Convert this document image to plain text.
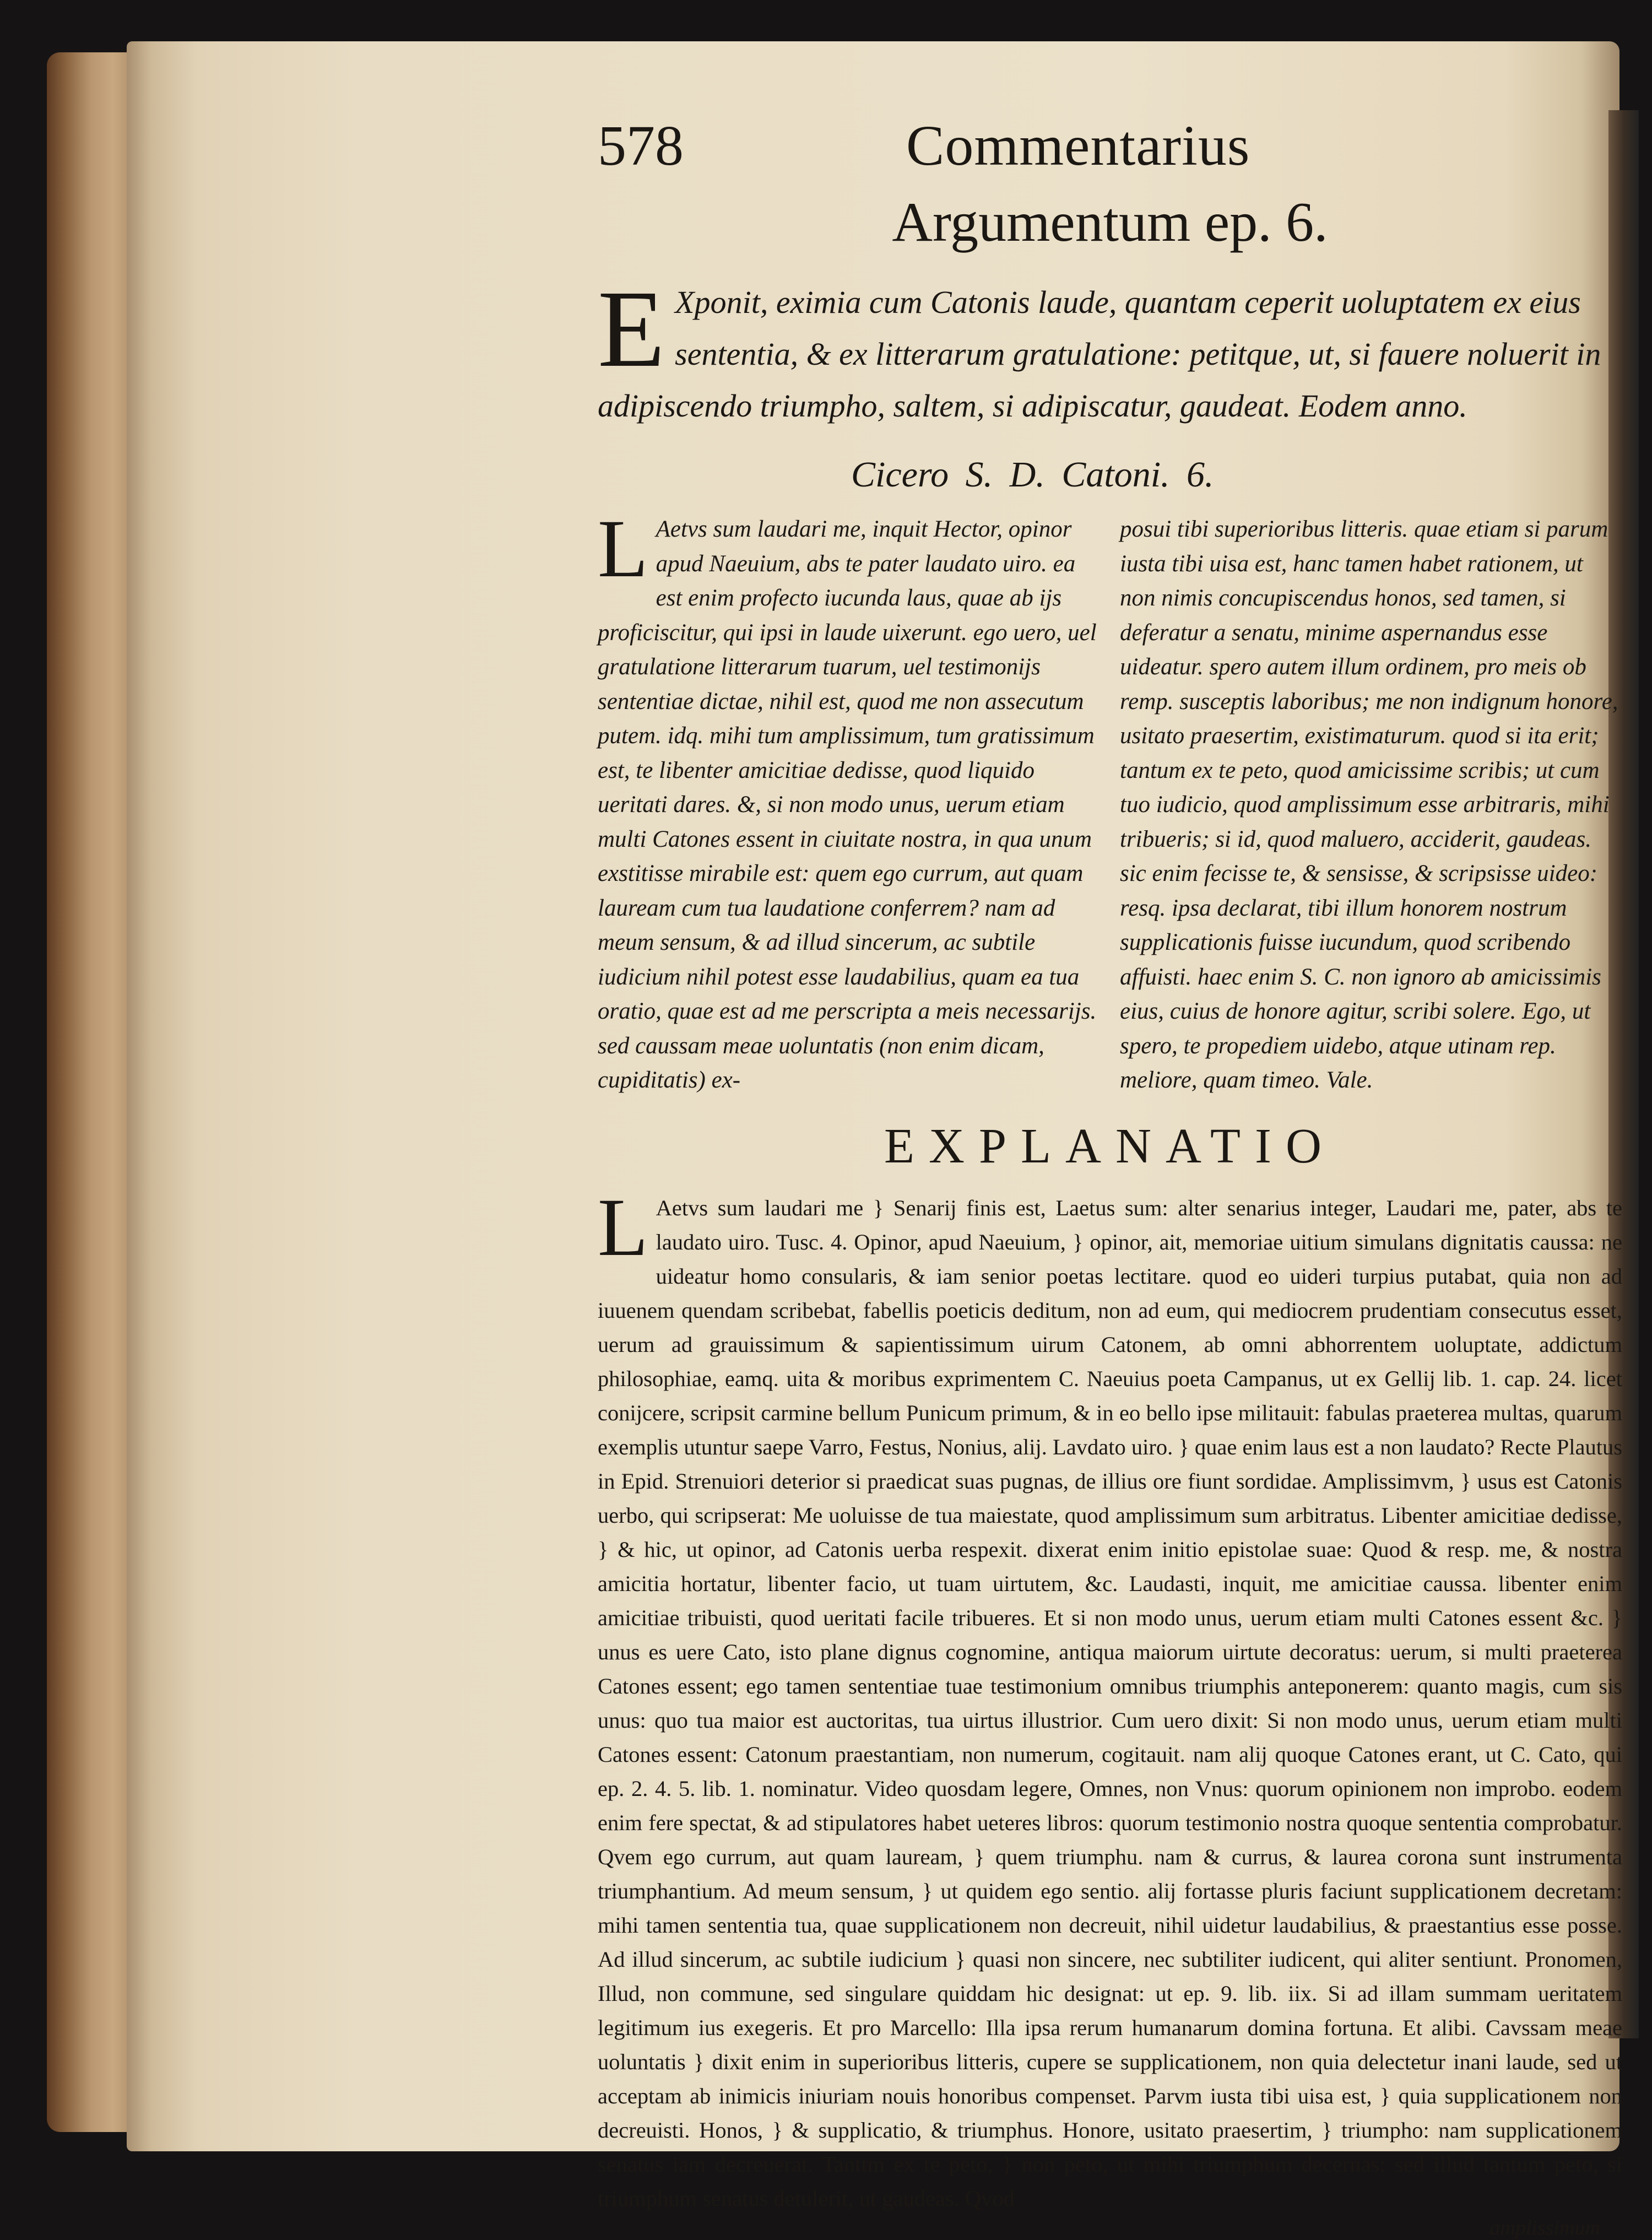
578	Commentarius
Argumentum ep. 6.
E Xponit, eximia cum Catonis laude, quantam ceperit uoluptatem ex eius sententia, & ex litterarum gratulatione: petitque, ut, si fauere noluerit in adipiscendo triumpho, saltem, si adipiscatur, gaudeat. Eodem anno.
Cicero S. D. Catoni. 6.
L Aetvs sum laudari me, inquit Hector, opinor apud Naeuium, abs te pater laudato uiro. ea est enim profecto iucunda laus, quae ab ijs proficiscitur, qui ipsi in laude uixerunt. ego uero, uel gratulatione litterarum tuarum, uel testimonijs sententiae dictae, nihil est, quod me non assecutum putem. idq. mihi tum amplissimum, tum gratissimum est, te libenter amicitiae dedisse, quod liquido ueritati dares. &, si non modo unus, uerum etiam multi Catones essent in ciuitate nostra, in qua unum exstitisse mirabile est: quem ego currum, aut quam lauream cum tua laudatione conferrem? nam ad meum sensum, & ad illud sincerum, ac subtile iudicium nihil potest esse laudabilius, quam ea tua oratio, quae est ad me perscripta a meis necessarijs. sed caussam meae uoluntatis (non enim dicam, cupiditatis) ex-
posui tibi superioribus litteris. quae etiam si parum iusta tibi uisa est, hanc tamen habet rationem, ut non nimis concupiscendus honos, sed tamen, si deferatur a senatu, minime aspernandus esse uideatur. spero autem illum ordinem, pro meis ob remp. susceptis laboribus; me non indignum honore, usitato praesertim, existimaturum. quod si ita erit; tantum ex te peto, quod amicissime scribis; ut cum tuo iudicio, quod amplissimum esse arbitraris, mihi tribueris; si id, quod maluero, acciderit, gaudeas. sic enim fecisse te, & sensisse, & scripsisse uideo: resq. ipsa declarat, tibi illum honorem nostrum supplicationis fuisse iucundum, quod scribendo affuisti. haec enim S. C. non ignoro ab amicissimis eius, cuius de honore agitur, scribi solere. Ego, ut spero, te propediem uidebo, atque utinam rep. meliore, quam timeo. Vale.
EXPLANATIO
L Aetvs sum laudari me } Senarij finis est, Laetus sum: alter senarius integer, Laudari me, pater, abs te laudato uiro. Tusc. 4. Opinor, apud Naeuium, } opinor, ait, memoriae uitium simulans dignitatis caussa: ne uideatur homo consularis, & iam senior poetas lectitare. quod eo uideri turpius putabat, quia non ad iuuenem quendam scribebat, fabellis poeticis deditum, non ad eum, qui mediocrem prudentiam consecutus esset, uerum ad grauissimum & sapientissimum uirum Catonem, ab omni abhorrentem uoluptate, addictum philosophiae, eamq. uita & moribus exprimentem C. Naeuius poeta Campanus, ut ex Gellij lib. 1. cap. 24. licet conijcere, scripsit carmine bellum Punicum primum, & in eo bello ipse militauit: fabulas praeterea multas, quarum exemplis utuntur saepe Varro, Festus, Nonius, alij. Lavdato uiro. } quae enim laus est a non laudato? Recte Plautus in Epid. Strenuiori deterior si praedicat suas pugnas, de illius ore fiunt sordidae. Amplissimvm, } usus est Catonis uerbo, qui scripserat: Me uoluisse de tua maiestate, quod amplissimum sum arbitratus. Libenter amicitiae dedisse, } & hic, ut opinor, ad Catonis uerba respexit. dixerat enim initio epistolae suae: Quod & resp. me, & nostra amicitia hortatur, libenter facio, ut tuam uirtutem, &c. Laudasti, inquit, me amicitiae caussa. libenter enim amicitiae tribuisti, quod ueritati facile tribueres. Et si non modo unus, uerum etiam multi Catones essent &c. } unus es uere Cato, isto plane dignus cognomine, antiqua maiorum uirtute decoratus: uerum, si multi praeterea Catones essent; ego tamen sententiae tuae testimonium omnibus triumphis anteponerem: quanto magis, cum sis unus: quo tua maior est auctoritas, tua uirtus illustrior. Cum uero dixit: Si non modo unus, uerum etiam multi Catones essent: Catonum praestantiam, non numerum, cogitauit. nam alij quoque Catones erant, ut C. Cato, qui ep. 2. 4. 5. lib. 1. nominatur. Video quosdam legere, Omnes, non Vnus: quorum opinionem non improbo. eodem enim fere spectat, & ad stipulatores habet ueteres libros: quorum testimonio nostra quoque sententia comprobatur. Qvem ego currum, aut quam lauream, } quem triumphu. nam & currus, & laurea corona sunt instrumenta triumphantium. Ad meum sensum, } ut quidem ego sentio. alij fortasse pluris faciunt supplicationem decretam: mihi tamen sententia tua, quae supplicationem non decreuit, nihil uidetur laudabilius, & praestantius esse posse. Ad illud sincerum, ac subtile iudicium } quasi non sincere, nec subtiliter iudicent, qui aliter sentiunt. Pronomen, Illud, non commune, sed singulare quiddam hic designat: ut ep. 9. lib. iix. Si ad illam summam ueritatem legitimum ius exegeris. Et pro Marcello: Illa ipsa rerum humanarum domina fortuna. Et alibi. Cavssam meae uoluntatis } dixit enim in superioribus litteris, cupere se supplicationem, non quia delectetur inani laude, sed ut acceptam ab inimicis iniuriam nouis honoribus compenset. Parvm iusta tibi uisa est, } quia supplicationem non decreuisti. Honos, } & supplicatio, & triumphus. Honore, usitato praesertim, } triumpho: nam supplicationem senatus iam decreuerat. Tanttm ex te peto, } non peto, ut mihi triumphum decernas: sed illud tantum peto, si triumphum senatus detulerit, ut gaudeas. Qvod
amplissimum
